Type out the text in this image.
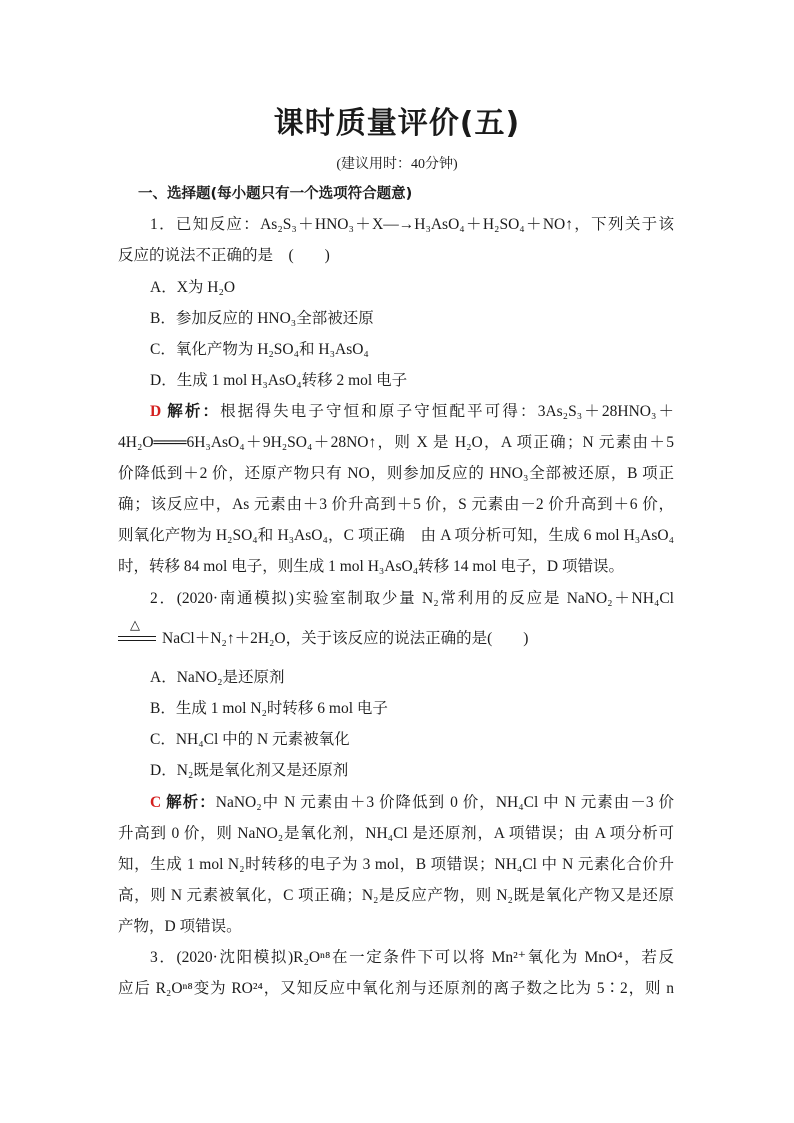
课时质量评价(五)
(建议用时：40分钟)
一、选择题(每小题只有一个选项符合题意)
1．已知反应：As₂S₃＋HNO₃＋X—→H₃AsO₄＋H₂SO₄＋NO↑，下列关于该
反应的说法不正确的是　(　　)
A．X为 H₂O
B．参加反应的 HNO₃全部被还原
C．氧化产物为 H₂SO₄和 H₃AsO₄
D．生成 1 mol H₃AsO₄转移 2 mol 电子
D 解析：根据得失电子守恒和原子守恒配平可得：3As₂S₃＋28HNO₃＋
4H₂O═══6H₃AsO₄＋9H₂SO₄＋28NO↑，则 X 是 H₂O，A 项正确；N 元素由＋5
价降低到＋2 价，还原产物只有 NO，则参加反应的 HNO₃全部被还原，B 项正
确；该反应中，As 元素由＋3 价升高到＋5 价，S 元素由－2 价升高到＋6 价，
则氧化产物为 H₂SO₄和 H₃AsO₄，C 项正确　由 A 项分析可知，生成 6 mol H₃AsO₄
时，转移 84 mol 电子，则生成 1 mol H₃AsO₄转移 14 mol 电子，D 项错误。
2．(2020·南通模拟)实验室制取少量 N₂常利用的反应是 NaNO₂＋NH₄Cl
△
NaCl＋N₂↑＋2H₂O，关于该反应的说法正确的是(　　)
A．NaNO₂是还原剂
B．生成 1 mol N₂时转移 6 mol 电子
C．NH₄Cl 中的 N 元素被氧化
D．N₂既是氧化剂又是还原剂
C 解析：NaNO₂中 N 元素由＋3 价降低到 0 价，NH₄Cl 中 N 元素由－3 价
升高到 0 价，则 NaNO₂是氧化剂，NH₄Cl 是还原剂，A 项错误；由 A 项分析可
知，生成 1 mol N₂时转移的电子为 3 mol，B 项错误；NH₄Cl 中 N 元素化合价升
高，则 N 元素被氧化，C 项正确；N₂是反应产物，则 N₂既是氧化产物又是还原
产物，D 项错误。
3．(2020·沈阳模拟)R₂Oⁿ⁸在一定条件下可以将 Mn²⁺氧化为 MnO⁴，若反
应后 R₂Oⁿ⁸变为 RO²⁴，又知反应中氧化剂与还原剂的离子数之比为 5∶2，则 n
